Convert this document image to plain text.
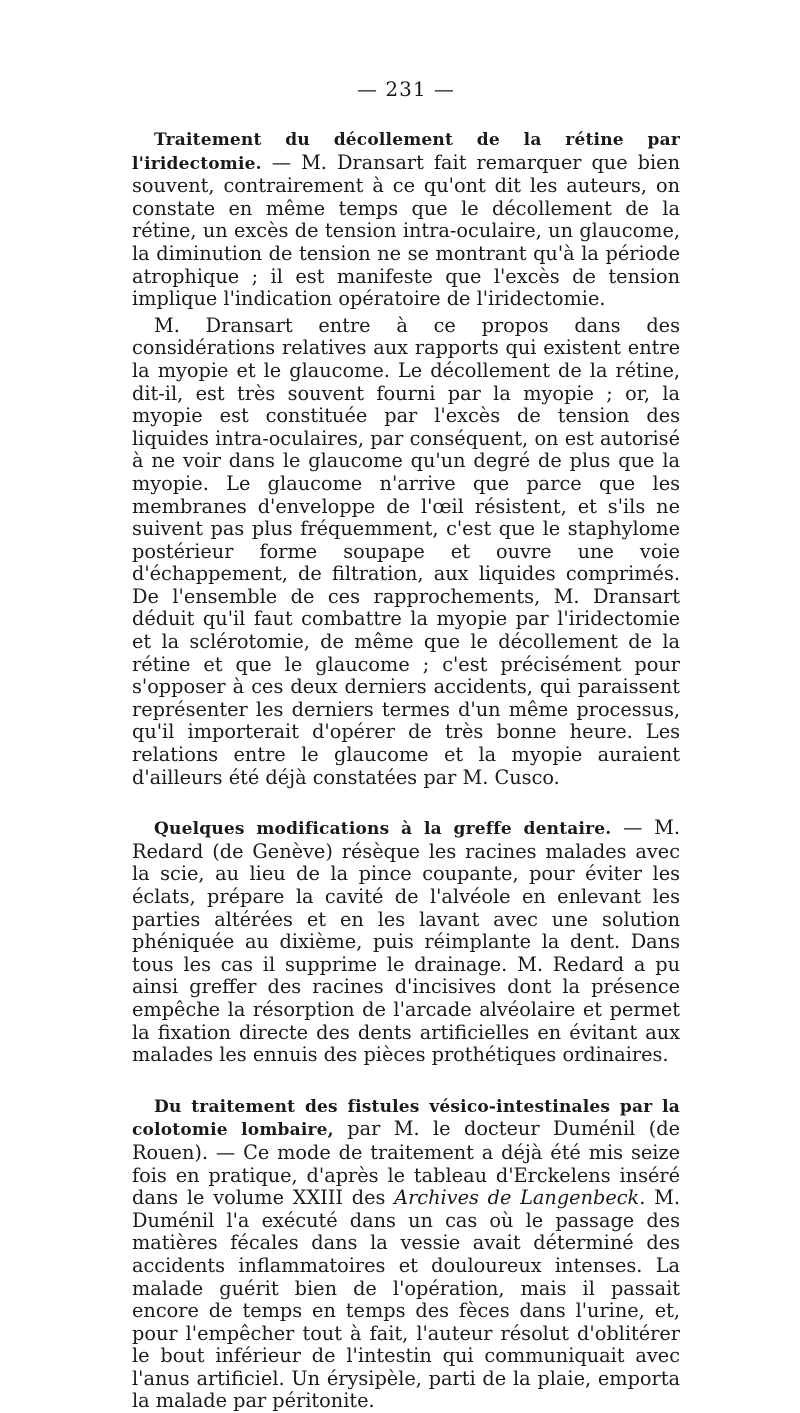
— 231 —

Traitement du décollement de la rétine par l'iridectomie. — M. Dransart fait remarquer que bien souvent, contrairement à ce qu'ont dit les auteurs, on constate en même temps que le décollement de la rétine, un excès de tension intra-oculaire, un glaucome, la diminution de tension ne se montrant qu'à la période atrophique ; il est manifeste que l'excès de tension implique l'indication opératoire de l'iridectomie.

M. Dransart entre à ce propos dans des considérations relatives aux rapports qui existent entre la myopie et le glaucome. Le décollement de la rétine, dit-il, est très souvent fourni par la myopie ; or, la myopie est constituée par l'excès de tension des liquides intra-oculaires, par conséquent, on est autorisé à ne voir dans le glaucome qu'un degré de plus que la myopie. Le glaucome n'arrive que parce que les membranes d'enveloppe de l'œil résistent, et s'ils ne suivent pas plus fréquemment, c'est que le staphylome postérieur forme soupape et ouvre une voie d'échappement, de filtration, aux liquides comprimés. De l'ensemble de ces rapprochements, M. Dransart déduit qu'il faut combattre la myopie par l'iridectomie et la sclérotomie, de même que le décollement de la rétine et que le glaucome ; c'est précisément pour s'opposer à ces deux derniers accidents, qui paraissent représenter les derniers termes d'un même processus, qu'il importerait d'opérer de très bonne heure. Les relations entre le glaucome et la myopie auraient d'ailleurs été déjà constatées par M. Cusco.

Quelques modifications à la greffe dentaire. — M. Redard (de Genève) résèque les racines malades avec la scie, au lieu de la pince coupante, pour éviter les éclats, prépare la cavité de l'alvéole en enlevant les parties altérées et en les lavant avec une solution phéniquée au dixième, puis réimplante la dent. Dans tous les cas il supprime le drainage. M. Redard a pu ainsi greffer des racines d'incisives dont la présence empêche la résorption de l'arcade alvéolaire et permet la fixation directe des dents artificielles en évitant aux malades les ennuis des pièces prothétiques ordinaires.

Du traitement des fistules vésico-intestinales par la colotomie lombaire, par M. le docteur Duménil (de Rouen). — Ce mode de traitement a déjà été mis seize fois en pratique, d'après le tableau d'Erckelens inséré dans le volume XXIII des Archives de Langenbeck. M. Duménil l'a exécuté dans un cas où le passage des matières fécales dans la vessie avait déterminé des accidents inflammatoires et douloureux intenses. La malade guérit bien de l'opération, mais il passait encore de temps en temps des fèces dans l'urine, et, pour l'empêcher tout à fait, l'auteur résolut d'oblitérer le bout inférieur de l'intestin qui communiquait avec l'anus artificiel. Un érysipèle, parti de la plaie, emporta la malade par péritonite.
